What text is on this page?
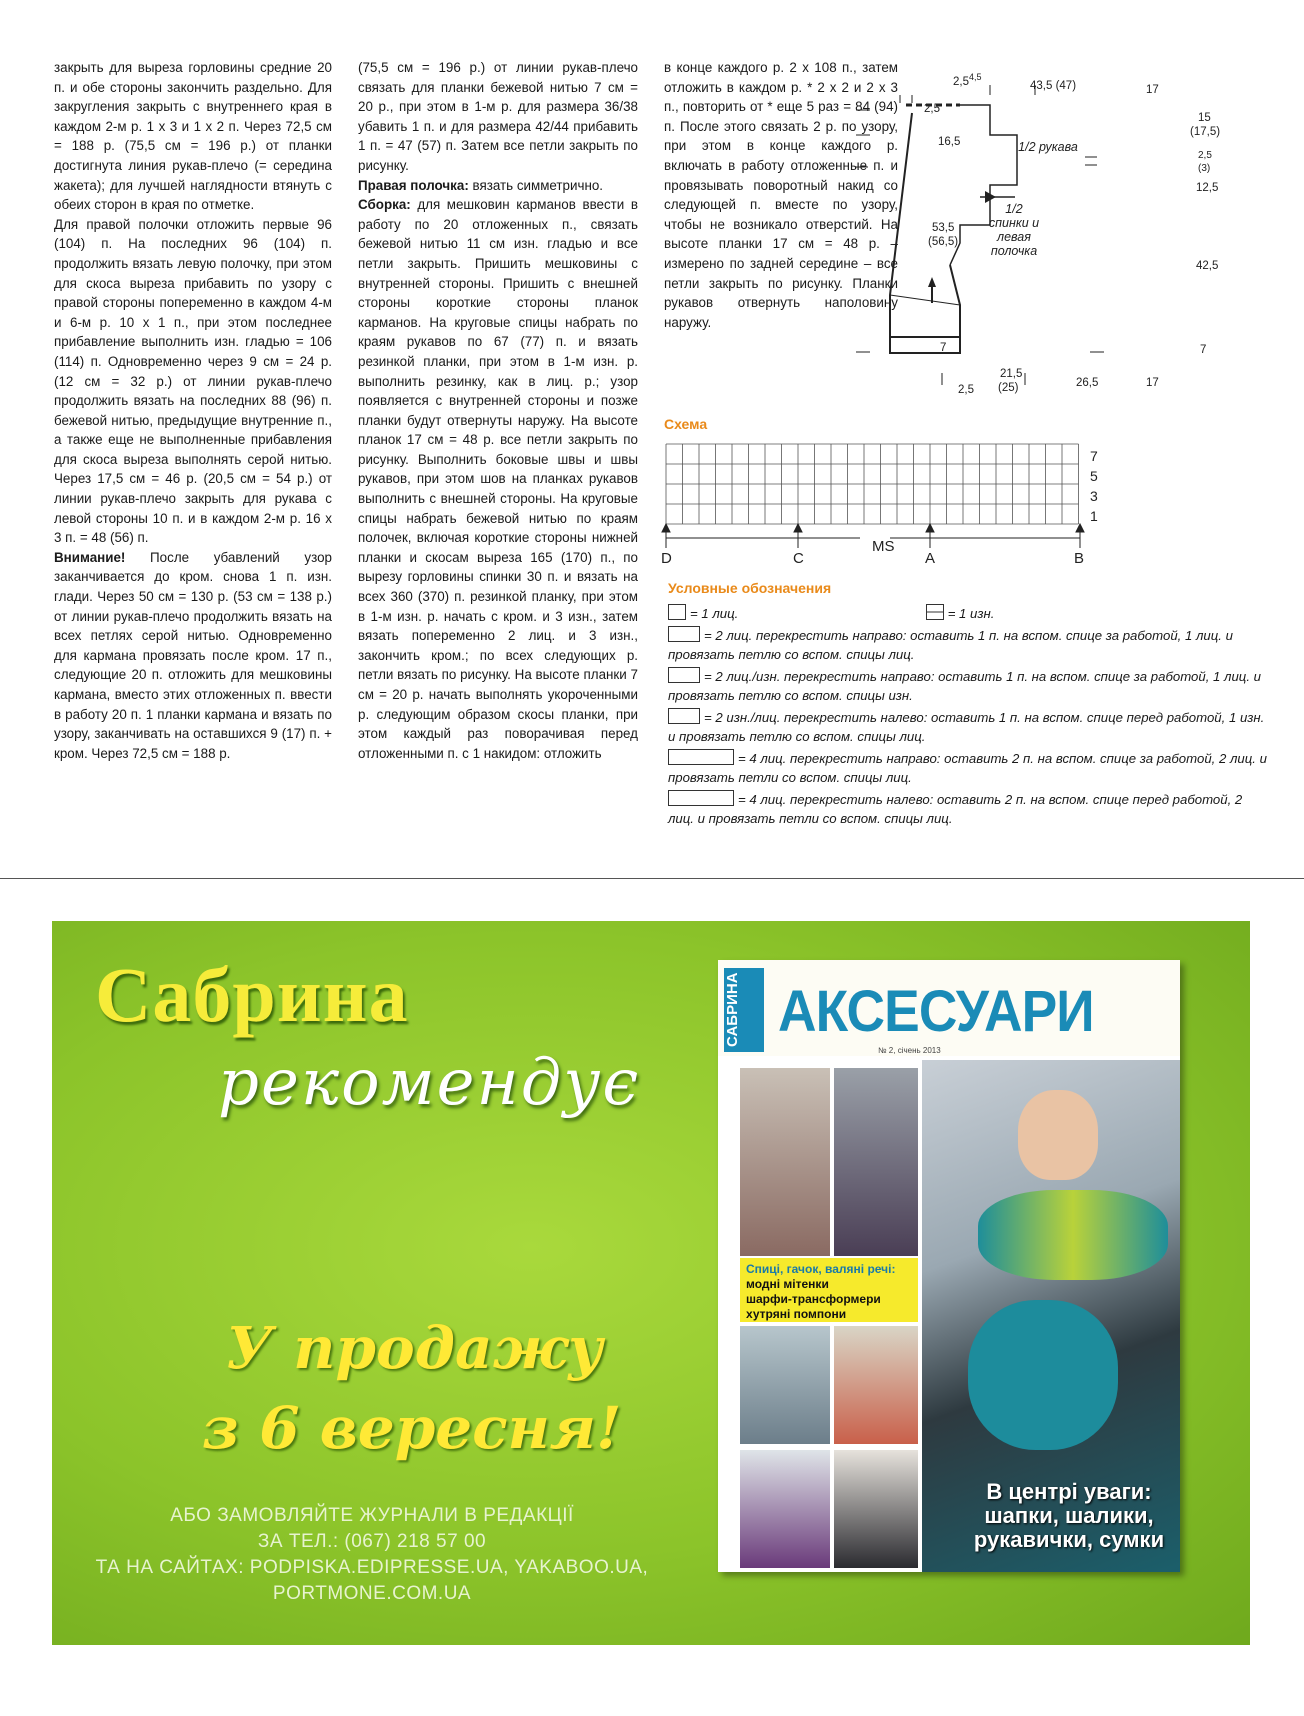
закрыть для выреза горловины средние 20 п. и обе стороны закончить раздельно. Для закругления закрыть с внутреннего края в каждом 2-м р. 1 х 3 и 1 х 2 п. Через 72,5 см = 188 р. (75,5 см = 196 р.) от планки достигнута линия рукав-плечо (= середина жакета); для лучшей наглядности втянуть с обеих сторон в края по отметке.

Для правой полочки отложить первые 96 (104) п. На последних 96 (104) п. продолжить вязать левую полочку, при этом для скоса выреза прибавить по узору с правой стороны попеременно в каждом 4-м и 6-м р. 10 х 1 п., при этом последнее прибавление выполнить изн. гладью = 106 (114) п. Одновременно через 9 см = 24 р. (12 см = 32 р.) от линии рукав-плечо продолжить вязать на последних 88 (96) п. бежевой нитью, предыдущие внутренние п., а также еще не выполненные прибавления для скоса выреза выполнять серой нитью. Через 17,5 см = 46 р. (20,5 см = 54 р.) от линии рукав-плечо закрыть для рукава с левой стороны 10 п. и в каждом 2-м р. 16 х 3 п. = 48 (56) п.

Внимание! После убавлений узор заканчивается до кром. снова 1 п. изн. глади. Через 50 см = 130 р. (53 см = 138 р.) от линии рукав-плечо продолжить вязать на всех петлях серой нитью. Одновременно для кармана провязать после кром. 17 п., следующие 20 п. отложить для мешковины кармана, вместо этих отложенных п. ввести в работу 20 п. 1 планки кармана и вязать по узору, заканчивать на оставшихся 9 (17) п. + кром. Через 72,5 см = 188 р.

(75,5 см = 196 р.) от линии рукав-плечо связать для планки бежевой нитью 7 см = 20 р., при этом в 1-м р. для размера 36/38 убавить 1 п. и для размера 42/44 прибавить 1 п. = 47 (57) п. Затем все петли закрыть по рисунку.

Правая полочка: вязать симметрично.

Сборка: для мешковин карманов ввести в работу по 20 отложенных п., связать бежевой нитью 11 см изн. гладью и все петли закрыть. Пришить мешковины с внутренней стороны. Пришить с внешней стороны короткие стороны планок карманов. На круговые спицы набрать по краям рукавов по 67 (77) п. и вязать резинкой планки, при этом в 1-м изн. р. выполнить резинку, как в лиц. р.; узор появляется с внутренней стороны и позже планки будут отвернуты наружу. На высоте планок 17 см = 48 р. все петли закрыть по рисунку. Выполнить боковые швы и швы рукавов, при этом шов на планках рукавов выполнить с внешней стороны. На круговые спицы набрать бежевой нитью по краям полочек, включая короткие стороны нижней планки и скосам выреза 165 (170) п., по вырезу горловины спинки 30 п. и вязать на всех 360 (370) п. резинкой планку, при этом в 1-м изн. р. начать с кром. и 3 изн., затем вязать попеременно 2 лиц. и 3 изн., закончить кром.; по всех следующих р. петли вязать по рисунку. На высоте планки 7 см = 20 р. начать выполнять укороченными р. следующим образом скосы планки, при этом каждый раз поворачивая перед отложенными п. с 1 накидом: отложить

в конце каждого р. 2 х 108 п., затем отложить в каждом р. * 2 х 2 и 2 х 3 п., повторить от * еще 5 раз = 84 (94) п. После этого связать 2 р. по узору, при этом в конце каждого р. включать в работу отложенные п. и провязывать поворотный накид со следующей п. вместе по узору, чтобы не возникало отверстий. На высоте планки 17 см = 48 р. – измерено по задней середине – все петли закрыть по рисунку. Планки рукавов отвернуть наполовину наружу.

2,5$^{4,5}$
43,5 (47)	17
2,5
16,5
53,5
(56,5)
7
15
(17,5)
2,5
(3)
12,5
42,5
7
2,5
21,5
(25)	26,5	17
1/2 рукава
1/2 спинки и левая полочка
Схема
D	C
MS
A	B
7
5
3
1
Условные обозначения
= 1 лиц.	= 1 изн.
= 2 лиц. перекрестить направо: оставить 1 п. на вспом. спице за работой, 1 лиц. и провязать петлю со вспом. спицы лиц.
= 2 лиц./изн. перекрестить направо: оставить 1 п. на вспом. спице за работой, 1 лиц. и провязать петлю со вспом. спицы изн.
= 2 изн./лиц. перекрестить налево: оставить 1 п. на вспом. спице перед работой, 1 изн. и провязать петлю со вспом. спицы лиц.
= 4 лиц. перекрестить направо: оставить 2 п. на вспом. спице за работой, 2 лиц. и провязать петли со вспом. спицы лиц.
= 4 лиц. перекрестить налево: оставить 2 п. на вспом. спице перед работой, 2 лиц. и провязать петли со вспом. спицы лиц.
Сабрина
рекомендує
У продажу
з 6 вересня!
АБО ЗАМОВЛЯЙТЕ ЖУРНАЛИ В РЕДАКЦІЇ
ЗА ТЕЛ.: (067) 218 57 00
ТА НА САЙТАХ: PODPISKA.EDIPRESSE.UA, YAKABOO.UA,
PORTMONE.COM.UA
САБРИНА АКСЕСУАРИ
№ 2, січень 2013
Спиці, гачок, валяні речі:
модні мітенки
шарфи-трансформери
хутряні помпони
В центрі уваги: шапки, шалики, рукавички, сумки
